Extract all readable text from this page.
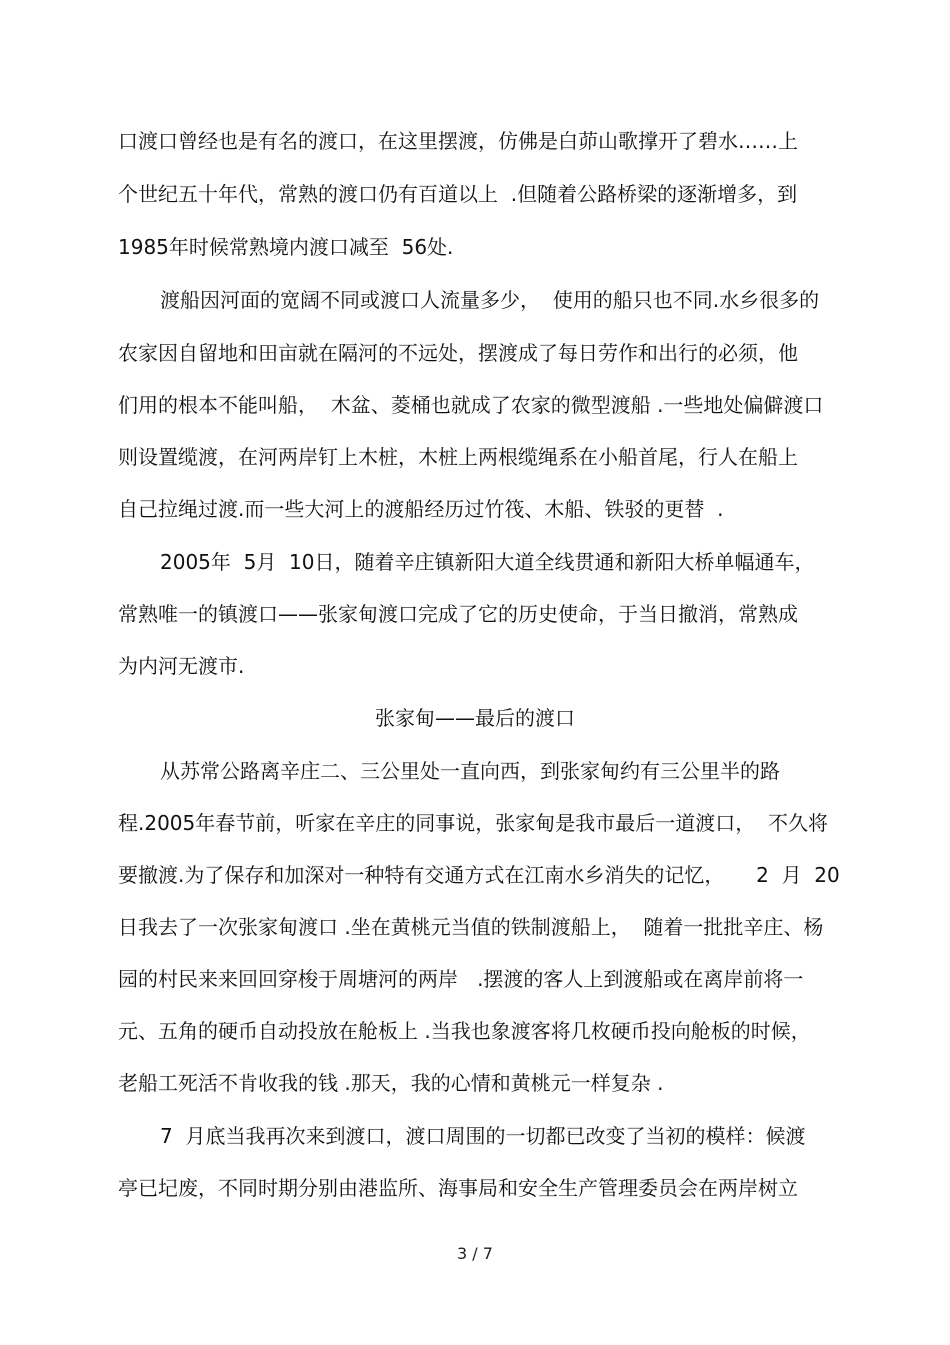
口渡口曾经也是有名的渡口，在这里摆渡，仿佛是白茆山歌撑开了碧水……上
个世纪五十年代，常熟的渡口仍有百道以上  .但随着公路桥梁的逐渐增多，到
1985年时候常熟境内渡口减至  56处.
渡船因河面的宽阔不同或渡口人流量多少，  使用的船只也不同.水乡很多的
农家因自留地和田亩就在隔河的不远处，摆渡成了每日劳作和出行的必须，他
们用的根本不能叫船，  木盆、菱桶也就成了农家的微型渡船 .一些地处偏僻渡口
则设置缆渡，在河两岸钉上木桩，木桩上两根缆绳系在小船首尾，行人在船上
自己拉绳过渡.而一些大河上的渡船经历过竹筏、木船、铁驳的更替  .
2005年  5月  10日，随着辛庄镇新阳大道全线贯通和新阳大桥单幅通车，
常熟唯一的镇渡口——张家甸渡口完成了它的历史使命，于当日撤消，常熟成
为内河无渡市.
张家甸——最后的渡口
从苏常公路离辛庄二、三公里处一直向西，到张家甸约有三公里半的路
程.2005年春节前，听家在辛庄的同事说，张家甸是我市最后一道渡口，  不久将
要撤渡.为了保存和加深对一种特有交通方式在江南水乡消失的记忆，     2  月  20
日我去了一次张家甸渡口 .坐在黄桃元当值的铁制渡船上，  随着一批批辛庄、杨
园的村民来来回回穿梭于周塘河的两岸   .摆渡的客人上到渡船或在离岸前将一
元、五角的硬币自动投放在舱板上 .当我也象渡客将几枚硬币投向舱板的时候，
老船工死活不肯收我的钱 .那天，我的心情和黄桃元一样复杂 .
7  月底当我再次来到渡口，渡口周围的一切都已改变了当初的模样：候渡
亭已圮废，不同时期分别由港监所、海事局和安全生产管理委员会在两岸树立
3 / 7
